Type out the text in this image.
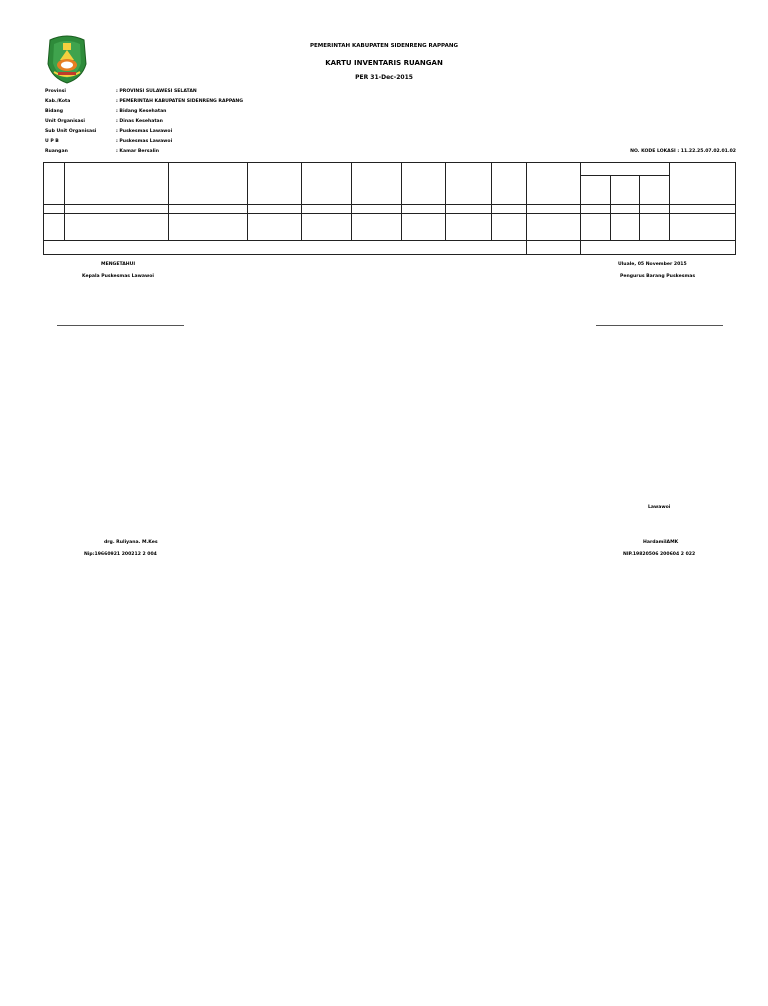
PEMERINTAH KABUPATEN SIDENRENG RAPPANG
KARTU INVENTARIS RUANGAN
PER 31-Dec-2015
Provinsi	: PROVINSI SULAWESI SELATAN
Kab./Kota	: PEMERINTAH KABUPATEN SIDENRENG RAPPANG
Bidang	: Bidang Kesehatan
Unit Organisasi	: Dinas Kesehatan
Sub Unit Organisasi	: Puskesmas Lawawoi
U P B	: Puskesmas Lawawoi
Ruangan	: Kamar Bersalin	NO. KODE LOKASI : 11.22.25.07.02.01.02

MENGETAHUI
Kepala Puskesmas Lawawoi
Uluale, 05 November 2015
Pengurus Barang Puskesmas
Lawawoi
drg. Ruliyana. M.Kes
Nip:19660921 200212 2 004
HardamilAMK
NIP.19820506 200604 2 022
